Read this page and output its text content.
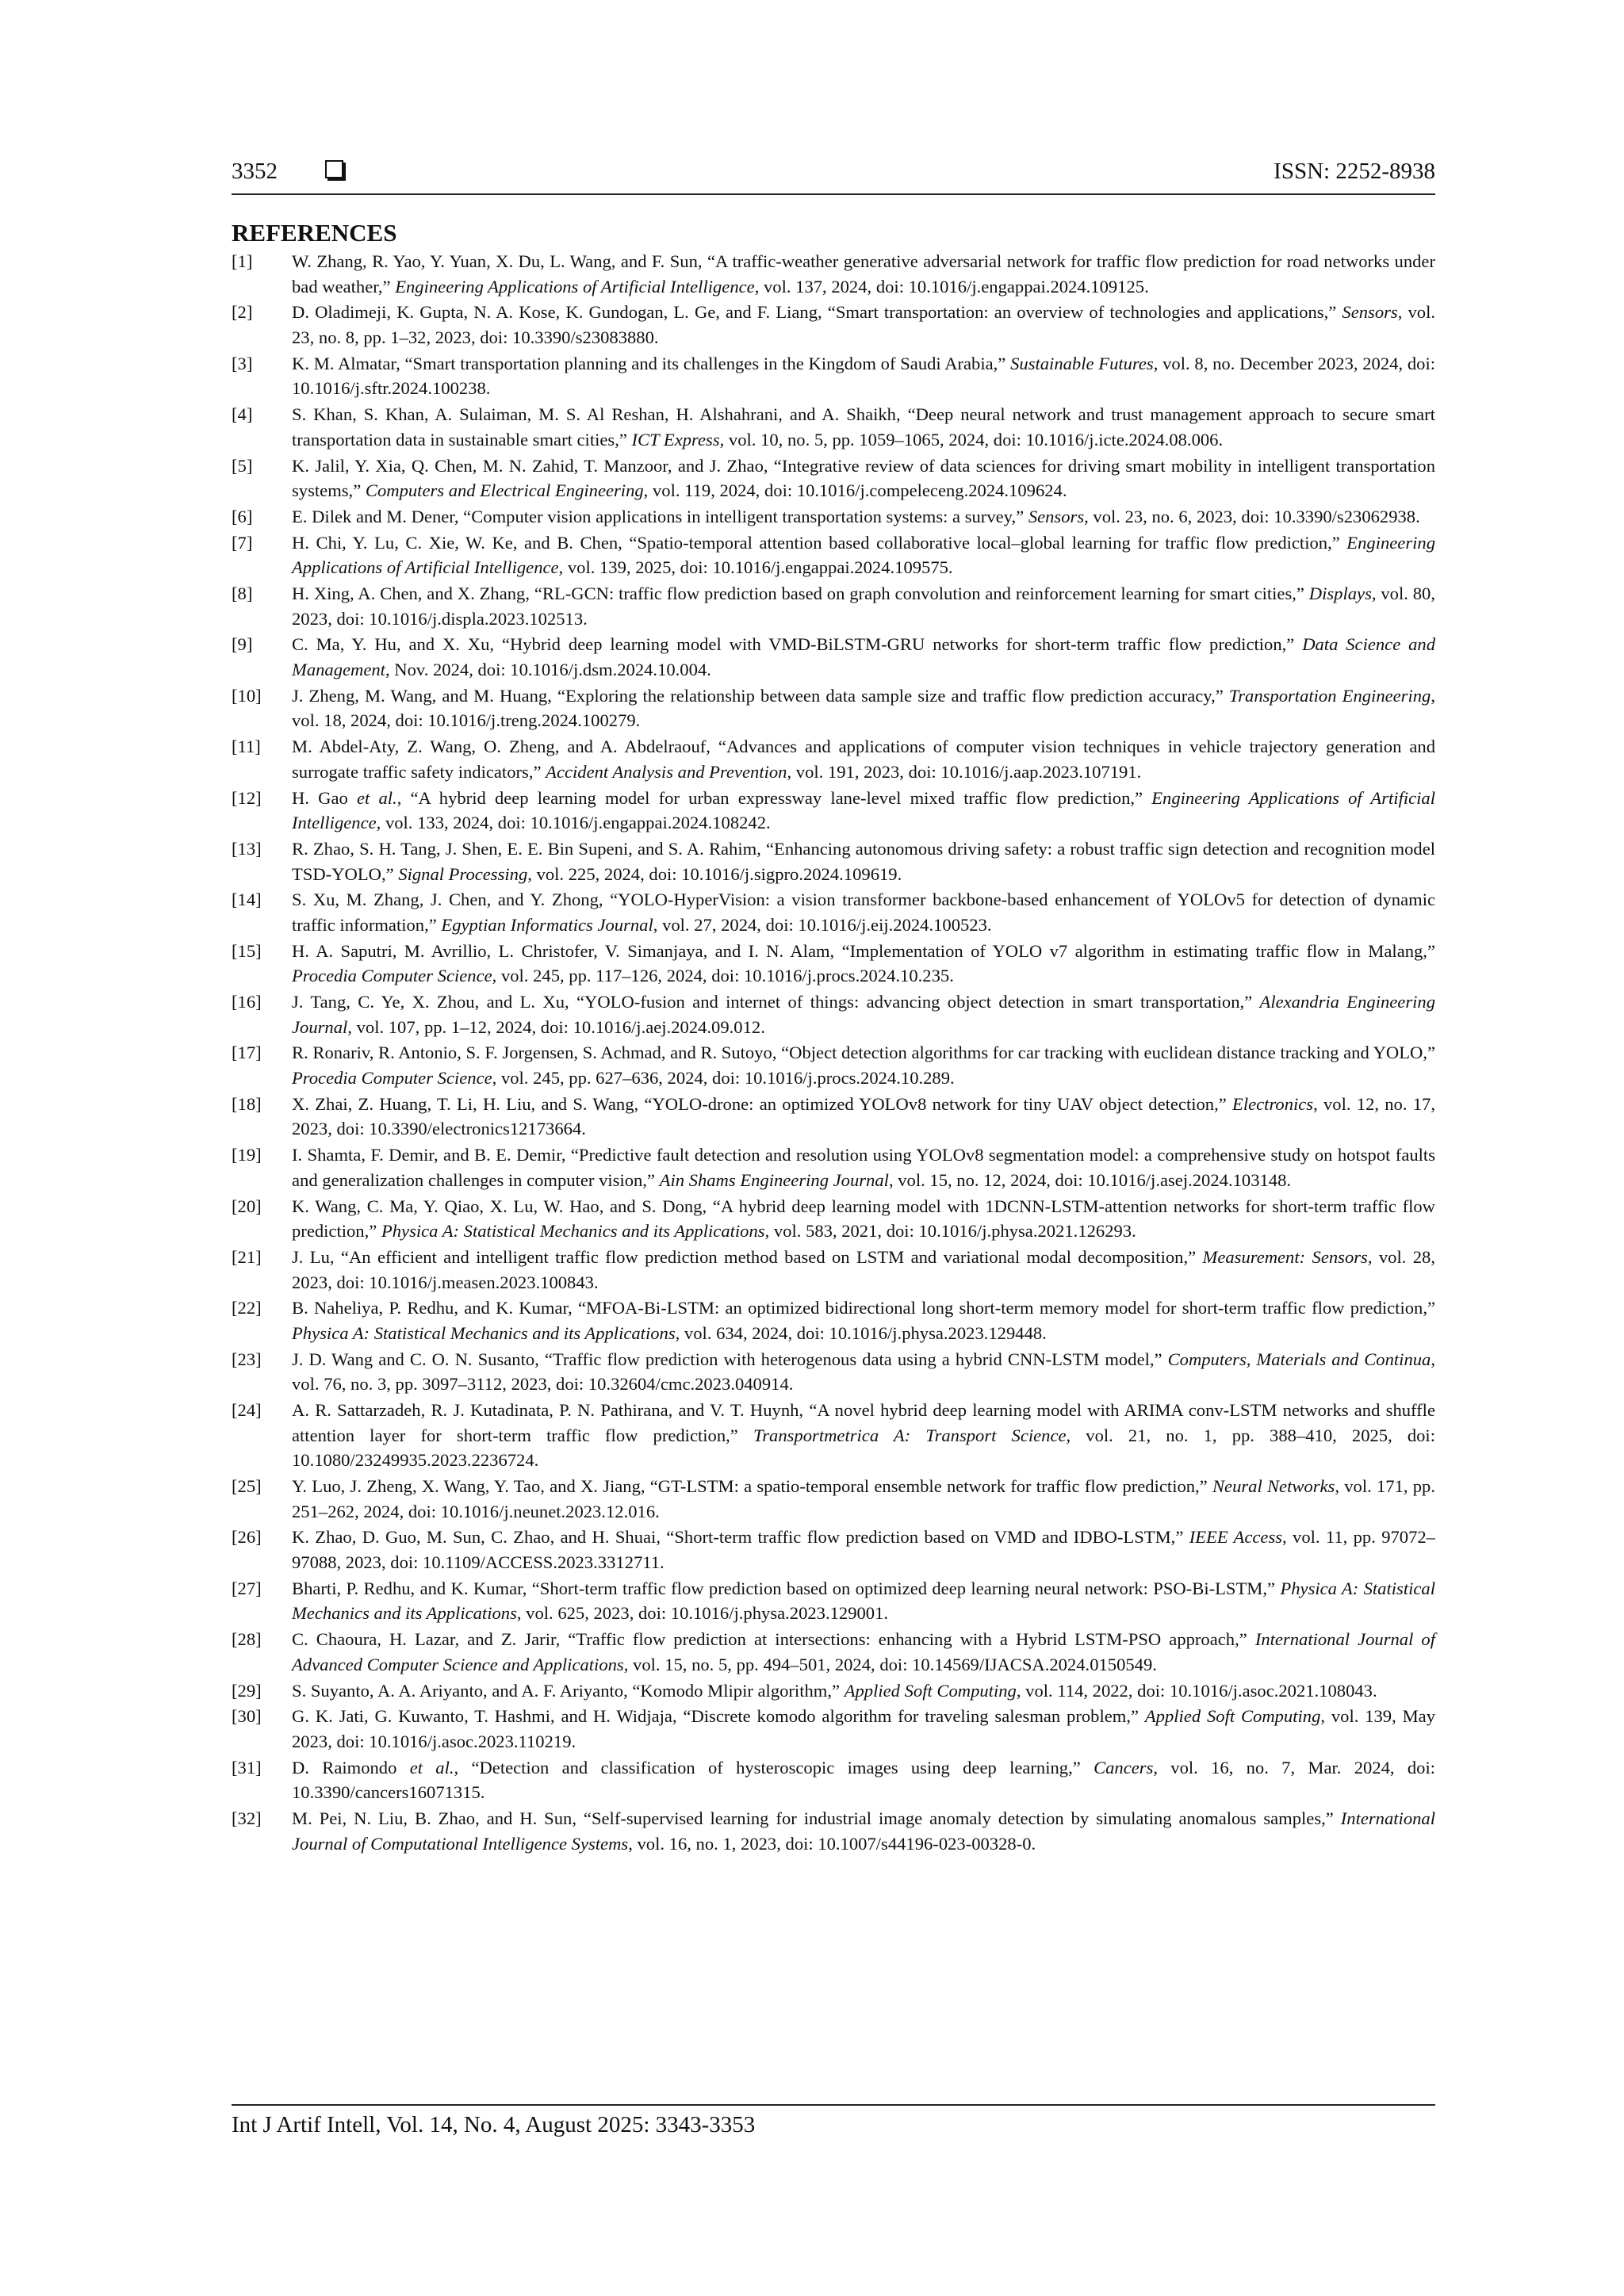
3352	ISSN: 2252-8938
REFERENCES
[1] W. Zhang, R. Yao, Y. Yuan, X. Du, L. Wang, and F. Sun, “A traffic-weather generative adversarial network for traffic flow prediction for road networks under bad weather,” Engineering Applications of Artificial Intelligence, vol. 137, 2024, doi: 10.1016/j.engappai.2024.109125.
[2] D. Oladimeji, K. Gupta, N. A. Kose, K. Gundogan, L. Ge, and F. Liang, “Smart transportation: an overview of technologies and applications,” Sensors, vol. 23, no. 8, pp. 1–32, 2023, doi: 10.3390/s23083880.
[3] K. M. Almatar, “Smart transportation planning and its challenges in the Kingdom of Saudi Arabia,” Sustainable Futures, vol. 8, no. December 2023, 2024, doi: 10.1016/j.sftr.2024.100238.
[4] S. Khan, S. Khan, A. Sulaiman, M. S. Al Reshan, H. Alshahrani, and A. Shaikh, “Deep neural network and trust management approach to secure smart transportation data in sustainable smart cities,” ICT Express, vol. 10, no. 5, pp. 1059–1065, 2024, doi: 10.1016/j.icte.2024.08.006.
[5] K. Jalil, Y. Xia, Q. Chen, M. N. Zahid, T. Manzoor, and J. Zhao, “Integrative review of data sciences for driving smart mobility in intelligent transportation systems,” Computers and Electrical Engineering, vol. 119, 2024, doi: 10.1016/j.compeleceng.2024.109624.
[6] E. Dilek and M. Dener, “Computer vision applications in intelligent transportation systems: a survey,” Sensors, vol. 23, no. 6, 2023, doi: 10.3390/s23062938.
[7] H. Chi, Y. Lu, C. Xie, W. Ke, and B. Chen, “Spatio-temporal attention based collaborative local–global learning for traffic flow prediction,” Engineering Applications of Artificial Intelligence, vol. 139, 2025, doi: 10.1016/j.engappai.2024.109575.
[8] H. Xing, A. Chen, and X. Zhang, “RL-GCN: traffic flow prediction based on graph convolution and reinforcement learning for smart cities,” Displays, vol. 80, 2023, doi: 10.1016/j.displa.2023.102513.
[9] C. Ma, Y. Hu, and X. Xu, “Hybrid deep learning model with VMD-BiLSTM-GRU networks for short-term traffic flow prediction,” Data Science and Management, Nov. 2024, doi: 10.1016/j.dsm.2024.10.004.
[10] J. Zheng, M. Wang, and M. Huang, “Exploring the relationship between data sample size and traffic flow prediction accuracy,” Transportation Engineering, vol. 18, 2024, doi: 10.1016/j.treng.2024.100279.
[11] M. Abdel-Aty, Z. Wang, O. Zheng, and A. Abdelraouf, “Advances and applications of computer vision techniques in vehicle trajectory generation and surrogate traffic safety indicators,” Accident Analysis and Prevention, vol. 191, 2023, doi: 10.1016/j.aap.2023.107191.
[12] H. Gao et al., “A hybrid deep learning model for urban expressway lane-level mixed traffic flow prediction,” Engineering Applications of Artificial Intelligence, vol. 133, 2024, doi: 10.1016/j.engappai.2024.108242.
[13] R. Zhao, S. H. Tang, J. Shen, E. E. Bin Supeni, and S. A. Rahim, “Enhancing autonomous driving safety: a robust traffic sign detection and recognition model TSD-YOLO,” Signal Processing, vol. 225, 2024, doi: 10.1016/j.sigpro.2024.109619.
[14] S. Xu, M. Zhang, J. Chen, and Y. Zhong, “YOLO-HyperVision: a vision transformer backbone-based enhancement of YOLOv5 for detection of dynamic traffic information,” Egyptian Informatics Journal, vol. 27, 2024, doi: 10.1016/j.eij.2024.100523.
[15] H. A. Saputri, M. Avrillio, L. Christofer, V. Simanjaya, and I. N. Alam, “Implementation of YOLO v7 algorithm in estimating traffic flow in Malang,” Procedia Computer Science, vol. 245, pp. 117–126, 2024, doi: 10.1016/j.procs.2024.10.235.
[16] J. Tang, C. Ye, X. Zhou, and L. Xu, “YOLO-fusion and internet of things: advancing object detection in smart transportation,” Alexandria Engineering Journal, vol. 107, pp. 1–12, 2024, doi: 10.1016/j.aej.2024.09.012.
[17] R. Ronariv, R. Antonio, S. F. Jorgensen, S. Achmad, and R. Sutoyo, “Object detection algorithms for car tracking with euclidean distance tracking and YOLO,” Procedia Computer Science, vol. 245, pp. 627–636, 2024, doi: 10.1016/j.procs.2024.10.289.
[18] X. Zhai, Z. Huang, T. Li, H. Liu, and S. Wang, “YOLO-drone: an optimized YOLOv8 network for tiny UAV object detection,” Electronics, vol. 12, no. 17, 2023, doi: 10.3390/electronics12173664.
[19] I. Shamta, F. Demir, and B. E. Demir, “Predictive fault detection and resolution using YOLOv8 segmentation model: a comprehensive study on hotspot faults and generalization challenges in computer vision,” Ain Shams Engineering Journal, vol. 15, no. 12, 2024, doi: 10.1016/j.asej.2024.103148.
[20] K. Wang, C. Ma, Y. Qiao, X. Lu, W. Hao, and S. Dong, “A hybrid deep learning model with 1DCNN-LSTM-attention networks for short-term traffic flow prediction,” Physica A: Statistical Mechanics and its Applications, vol. 583, 2021, doi: 10.1016/j.physa.2021.126293.
[21] J. Lu, “An efficient and intelligent traffic flow prediction method based on LSTM and variational modal decomposition,” Measurement: Sensors, vol. 28, 2023, doi: 10.1016/j.measen.2023.100843.
[22] B. Naheliya, P. Redhu, and K. Kumar, “MFOA-Bi-LSTM: an optimized bidirectional long short-term memory model for short-term traffic flow prediction,” Physica A: Statistical Mechanics and its Applications, vol. 634, 2024, doi: 10.1016/j.physa.2023.129448.
[23] J. D. Wang and C. O. N. Susanto, “Traffic flow prediction with heterogenous data using a hybrid CNN-LSTM model,” Computers, Materials and Continua, vol. 76, no. 3, pp. 3097–3112, 2023, doi: 10.32604/cmc.2023.040914.
[24] A. R. Sattarzadeh, R. J. Kutadinata, P. N. Pathirana, and V. T. Huynh, “A novel hybrid deep learning model with ARIMA conv-LSTM networks and shuffle attention layer for short-term traffic flow prediction,” Transportmetrica A: Transport Science, vol. 21, no. 1, pp. 388–410, 2025, doi: 10.1080/23249935.2023.2236724.
[25] Y. Luo, J. Zheng, X. Wang, Y. Tao, and X. Jiang, “GT-LSTM: a spatio-temporal ensemble network for traffic flow prediction,” Neural Networks, vol. 171, pp. 251–262, 2024, doi: 10.1016/j.neunet.2023.12.016.
[26] K. Zhao, D. Guo, M. Sun, C. Zhao, and H. Shuai, “Short-term traffic flow prediction based on VMD and IDBO-LSTM,” IEEE Access, vol. 11, pp. 97072–97088, 2023, doi: 10.1109/ACCESS.2023.3312711.
[27] Bharti, P. Redhu, and K. Kumar, “Short-term traffic flow prediction based on optimized deep learning neural network: PSO-Bi-LSTM,” Physica A: Statistical Mechanics and its Applications, vol. 625, 2023, doi: 10.1016/j.physa.2023.129001.
[28] C. Chaoura, H. Lazar, and Z. Jarir, “Traffic flow prediction at intersections: enhancing with a Hybrid LSTM-PSO approach,” International Journal of Advanced Computer Science and Applications, vol. 15, no. 5, pp. 494–501, 2024, doi: 10.14569/IJACSA.2024.0150549.
[29] S. Suyanto, A. A. Ariyanto, and A. F. Ariyanto, “Komodo Mlipir algorithm,” Applied Soft Computing, vol. 114, 2022, doi: 10.1016/j.asoc.2021.108043.
[30] G. K. Jati, G. Kuwanto, T. Hashmi, and H. Widjaja, “Discrete komodo algorithm for traveling salesman problem,” Applied Soft Computing, vol. 139, May 2023, doi: 10.1016/j.asoc.2023.110219.
[31] D. Raimondo et al., “Detection and classification of hysteroscopic images using deep learning,” Cancers, vol. 16, no. 7, Mar. 2024, doi: 10.3390/cancers16071315.
[32] M. Pei, N. Liu, B. Zhao, and H. Sun, “Self-supervised learning for industrial image anomaly detection by simulating anomalous samples,” International Journal of Computational Intelligence Systems, vol. 16, no. 1, 2023, doi: 10.1007/s44196-023-00328-0.
Int J Artif Intell, Vol. 14, No. 4, August 2025: 3343-3353
